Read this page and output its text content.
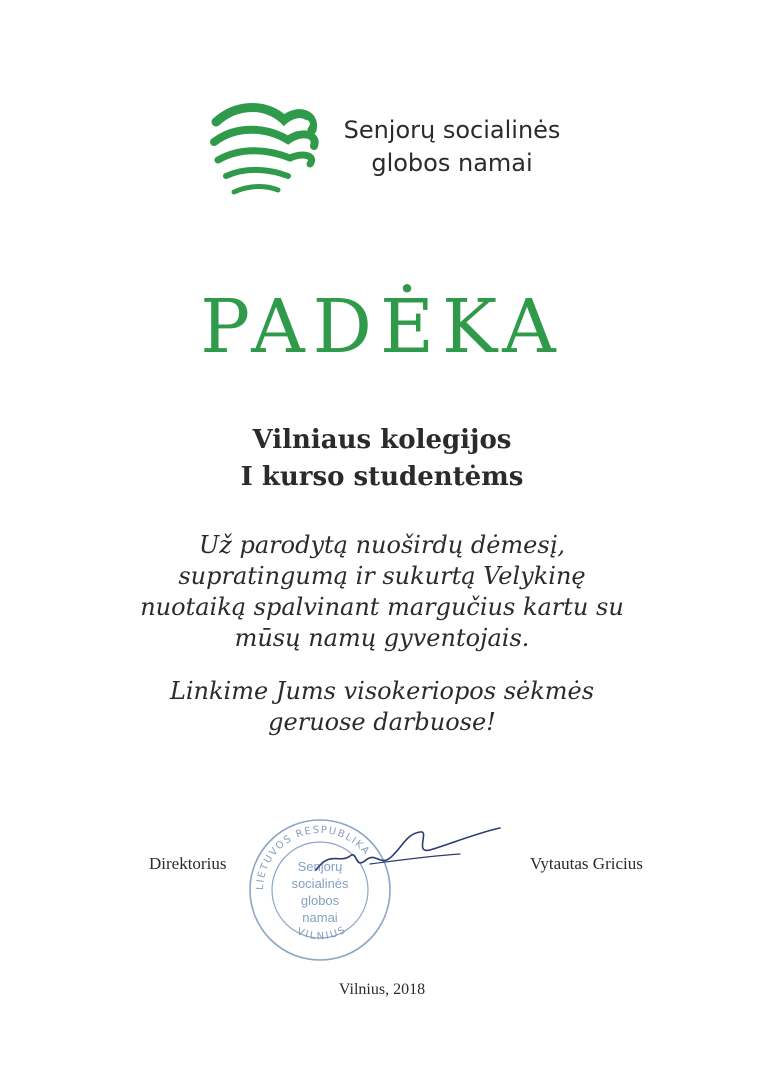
Senjorų socialinės
globos namai
PADĖKA
Vilniaus kolegijos
I kurso studentėms
Už parodytą nuoširdų dėmesį,
supratingumą ir sukurtą Velykinę
nuotaiką spalvinant margučius kartu su
mūsų namų gyventojais.
Linkime Jums visokeriopos sėkmės
geruose darbuose!
LIETUVOS RESPUBLIKA
VILNIUS
Senjorų
socialinės
globos
namai
Direktorius	Vytautas Gricius
Vilnius, 2018
